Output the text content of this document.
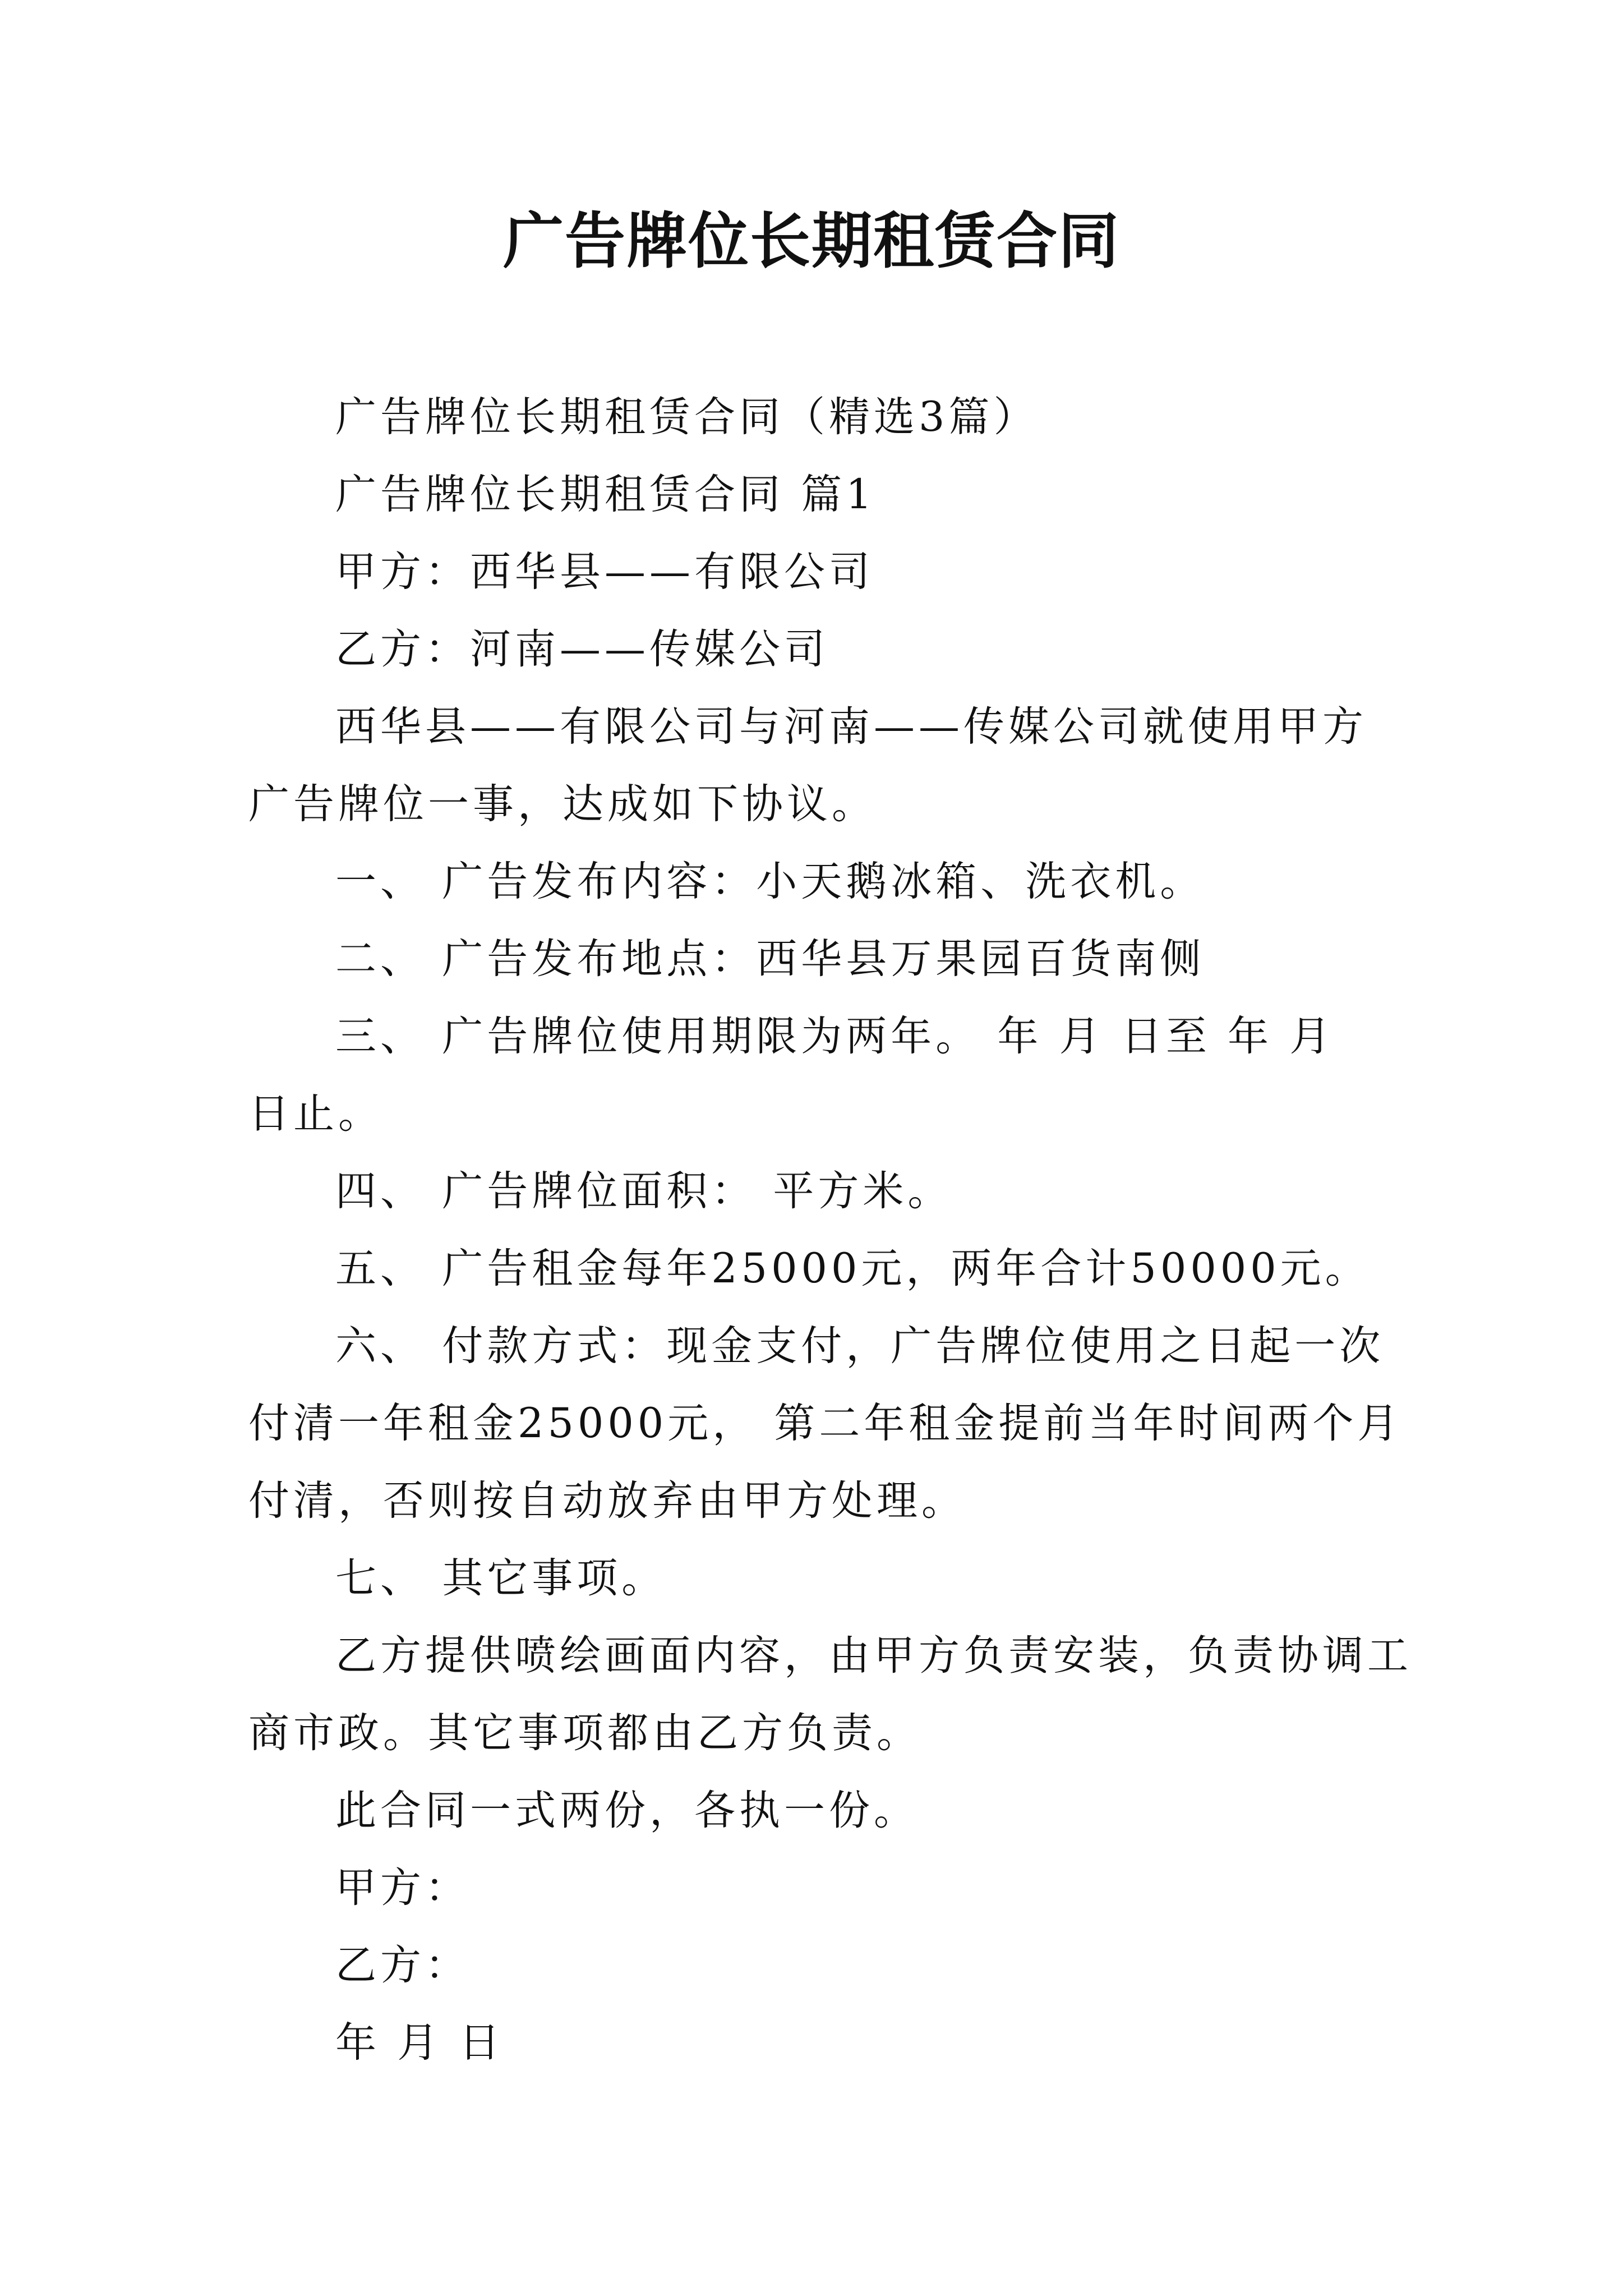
广告牌位长期租赁合同

广告牌位长期租赁合同（精选3篇）

广告牌位长期租赁合同 篇1

甲方：西华县——有限公司

乙方：河南——传媒公司

西华县——有限公司与河南——传媒公司就使用甲方

广告牌位一事，达成如下协议。

一、 广告发布内容：小天鹅冰箱、洗衣机。

二、 广告发布地点：西华县万果园百货南侧

三、 广告牌位使用期限为两年。 年 月 日至 年 月

日止。

四、 广告牌位面积： 平方米。

五、 广告租金每年25000元，两年合计50000元。

六、 付款方式：现金支付，广告牌位使用之日起一次

付清一年租金25000元， 第二年租金提前当年时间两个月

付清，否则按自动放弃由甲方处理。

七、 其它事项。

乙方提供喷绘画面内容，由甲方负责安装，负责协调工

商市政。其它事项都由乙方负责。

此合同一式两份，各执一份。

甲方：

乙方：

年 月 日
